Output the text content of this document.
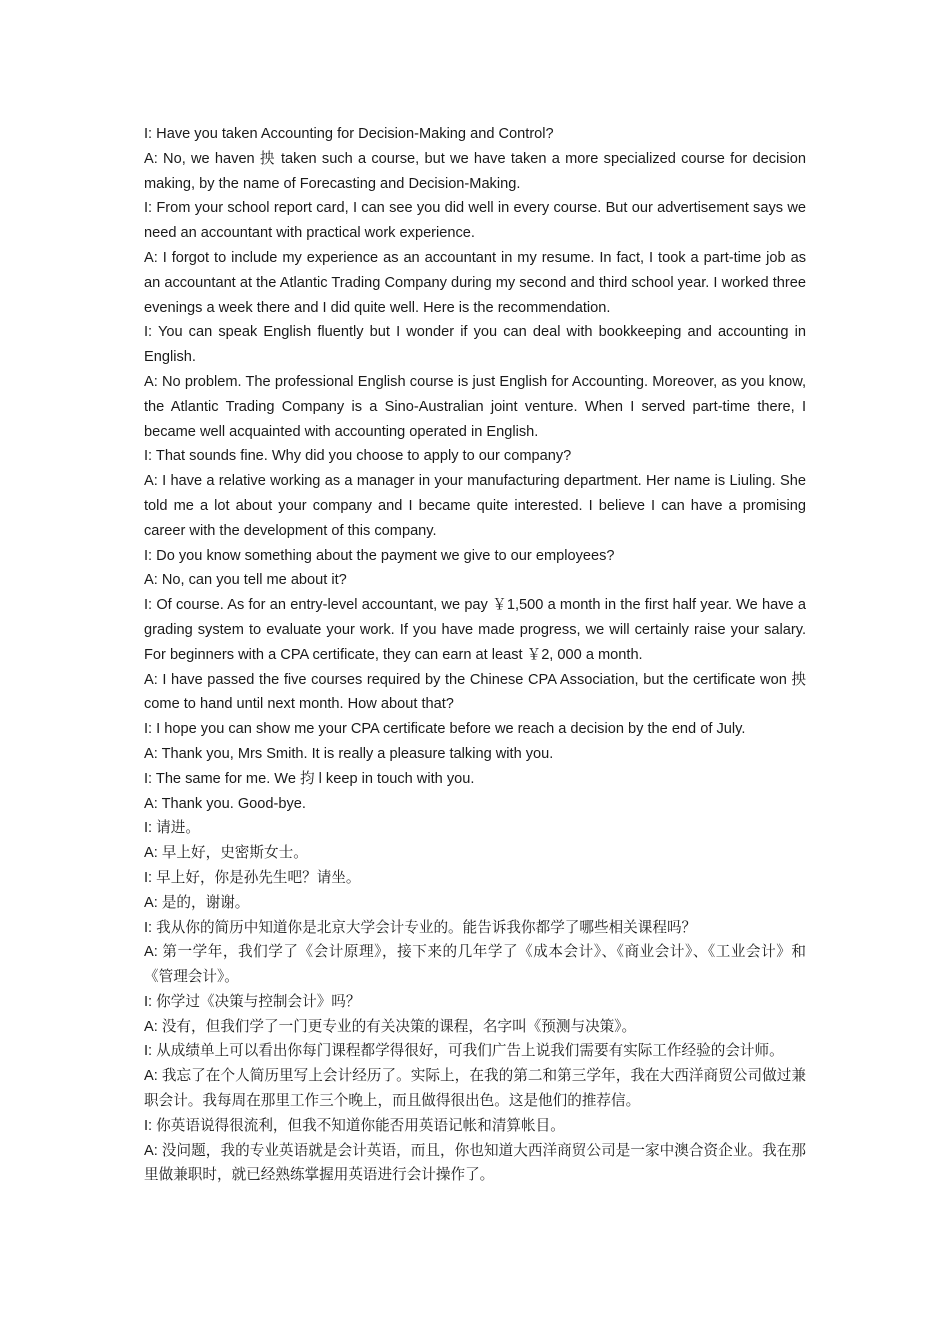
I: Have you taken Accounting for Decision-Making and Control?

A: No, we haven 抰 taken such a course, but we have taken a more specialized course for decision making, by the name of Forecasting and Decision-Making.

I: From your school report card, I can see you did well in every course. But our advertisement says we need an accountant with practical work experience.

A: I forgot to include my experience as an accountant in my resume. In fact, I took a part-time job as an accountant at the Atlantic Trading Company during my second and third school year. I worked three evenings a week there and I did quite well. Here is the recommendation.

I: You can speak English fluently but I wonder if you can deal with bookkeeping and accounting in English.

A: No problem. The professional English course is just English for Accounting. Moreover, as you know, the Atlantic Trading Company is a Sino-Australian joint venture. When I served part-time there, I became well acquainted with accounting operated in English.

I: That sounds fine. Why did you choose to apply to our company?

A: I have a relative working as a manager in your manufacturing department. Her name is Liuling. She told me a lot about your company and I became quite interested. I believe I can have a promising career with the development of this company.

I: Do you know something about the payment we give to our employees?

A: No, can you tell me about it?

I: Of course. As for an entry-level accountant, we pay ￥1,500 a month in the first half year. We have a grading system to evaluate your work. If you have made progress, we will certainly raise your salary. For beginners with a CPA certificate, they can earn at least ￥2, 000 a month.

A: I have passed the five courses required by the Chinese CPA Association, but the certificate won 抰 come to hand until next month. How about that?

I: I hope you can show me your CPA certificate before we reach a decision by the end of July.

A: Thank you, Mrs Smith. It is really a pleasure talking with you.

I: The same for me. We 抣 l keep in touch with you.

A: Thank you. Good-bye.

I: 请进。

A: 早上好，史密斯女士。

I: 早上好，你是孙先生吧？请坐。

A: 是的，谢谢。

I: 我从你的简历中知道你是北京大学会计专业的。能告诉我你都学了哪些相关课程吗？

A: 第一学年，我们学了《会计原理》，接下来的几年学了《成本会计》、《商业会计》、《工业会计》和《管理会计》。

I: 你学过《决策与控制会计》吗？

A: 没有，但我们学了一门更专业的有关决策的课程，名字叫《预测与决策》。

I: 从成绩单上可以看出你每门课程都学得很好，可我们广告上说我们需要有实际工作经验的会计师。

A: 我忘了在个人简历里写上会计经历了。实际上，在我的第二和第三学年，我在大西洋商贸公司做过兼职会计。我每周在那里工作三个晚上，而且做得很出色。这是他们的推荐信。

I: 你英语说得很流利，但我不知道你能否用英语记帐和清算帐目。

A: 没问题，我的专业英语就是会计英语，而且，你也知道大西洋商贸公司是一家中澳合资企业。我在那里做兼职时，就已经熟练掌握用英语进行会计操作了。
